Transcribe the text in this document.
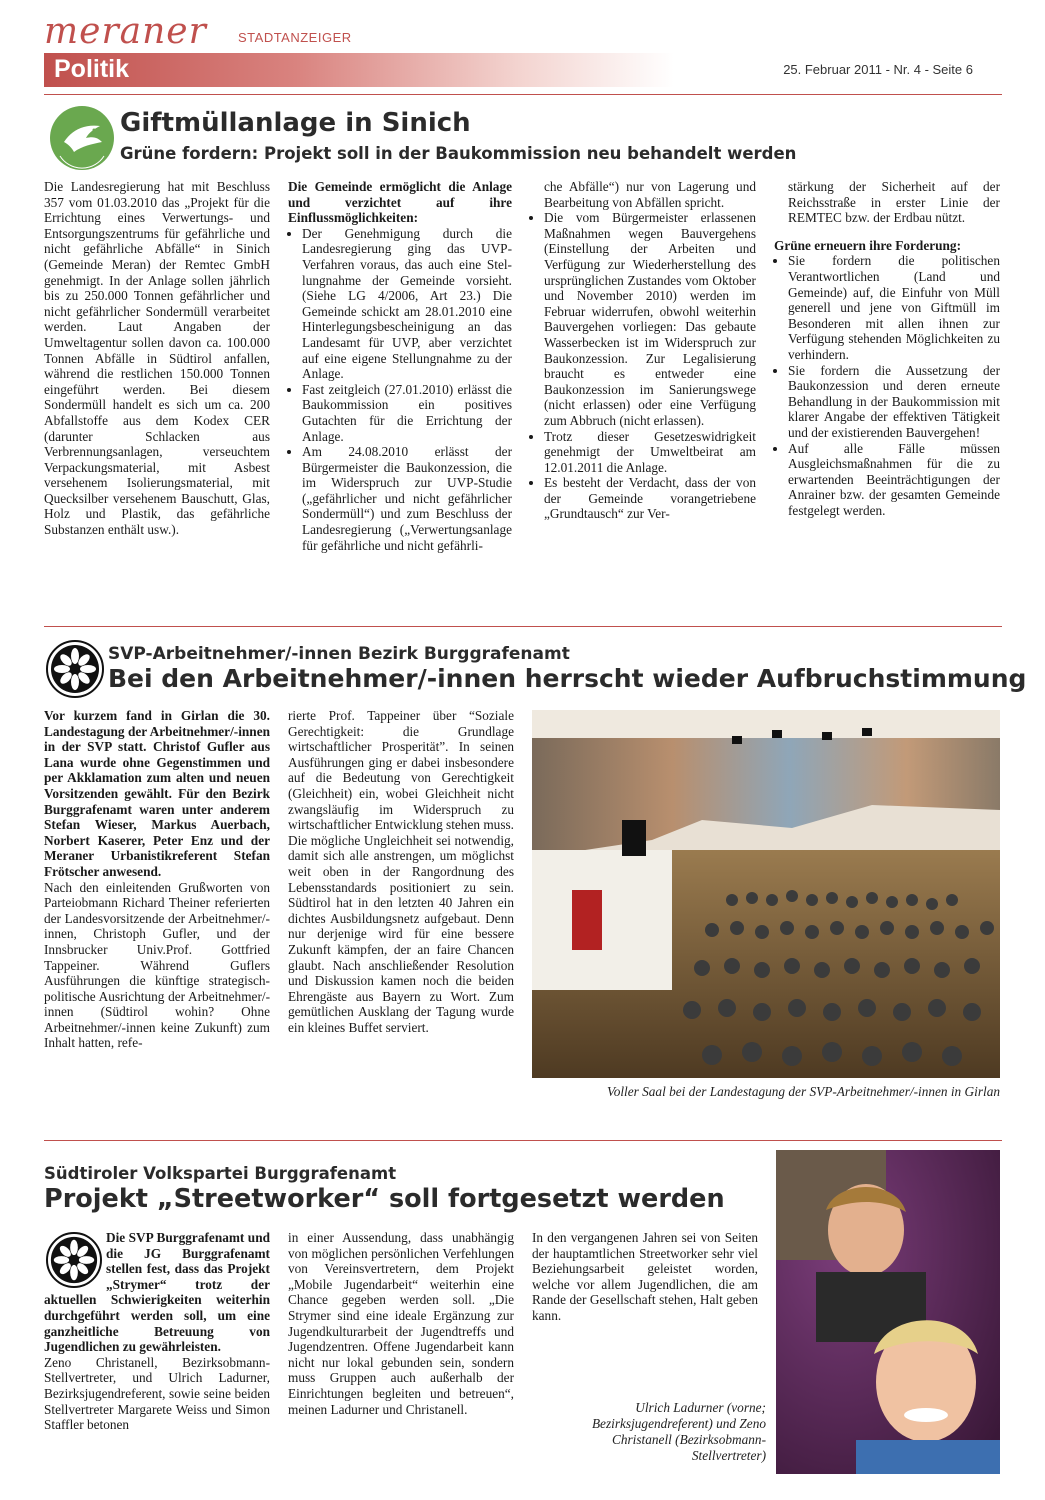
meraner STADTANZEIGER
Politik	25. Februar 2011 - Nr. 4 - Seite 6
Giftmüllanlage in Sinich
Grüne fordern: Projekt soll in der Baukommission neu behandelt werden

Die Landesregierung hat mit Beschluss 357 vom 01.03.2010 das „Projekt für die Errichtung eines Verwertungs- und Entsorgungszentrums für gefährliche und nicht gefährliche Abfälle“ in Sinich (Gemeinde Meran) der Remtec GmbH genehmigt. In der Anlage sollen jährlich bis zu 250.000 Tonnen gefährlicher und nicht gefährlicher Sondermüll verarbeitet werden. Laut Angaben der Umweltagentur sollen davon ca. 100.000 Tonnen Abfälle in Südtirol anfallen, während die restlichen 150.000 Tonnen eingeführt werden. Bei diesem Sondermüll handelt es sich um ca. 200 Abfallstoffe aus dem Kodex CER (darunter Schlacken aus Verbrennungsanlagen, verseuchtem Verpackungsmaterial, mit Asbest versehenem Isolierungsmaterial, mit Quecksilber versehenem Bauschutt, Glas, Holz und Plastik, das gefährliche Substanzen enthält usw.).

Die Gemeinde ermöglicht die Anlage und verzichtet auf ihre Einflussmöglichkeiten:

• Der Genehmigung durch die Landesregierung ging das UVP-Verfahren voraus, das auch eine Stel-lungnahme der Gemeinde vorsieht. (Siehe LG 4/2006, Art 23.) Die Gemeinde schickt am 28.01.2010 eine Hinterlegungsbescheinigung an das Landesamt für UVP, aber verzichtet auf eine eigene Stellungnahme zu der Anlage.
• Fast zeitgleich (27.01.2010) erlässt die Baukommission ein positives Gutachten für die Errichtung der Anlage.
• Am 24.08.2010 erlässt der Bürgermeister die Baukonzession, die im Widerspruch zur UVP-Studie („gefährlicher und nicht gefährlicher Sondermüll“) und zum Beschluss der Landesregierung („Verwertungsanlage für gefährliche und nicht gefährli-

che Abfälle“) nur von Lagerung und Bearbeitung von Abfällen spricht.

• Die vom Bürgermeister erlassenen Maßnahmen wegen Bauvergehens (Einstellung der Arbeiten und Verfügung zur Wiederherstellung des ursprünglichen Zustandes vom Oktober und November 2010) werden im Februar widerrufen, obwohl weiterhin Bauvergehen vorliegen: Das gebaute Wasserbecken ist im Widerspruch zur Baukonzession. Zur Legalisierung braucht es entweder eine Baukonzession im Sanierungswege (nicht erlassen) oder eine Verfügung zum Abbruch (nicht erlassen).
• Trotz dieser Gesetzeswidrigkeit genehmigt der Umweltbeirat am 12.01.2011 die Anlage.
• Es besteht der Verdacht, dass der von der Gemeinde vorangetriebene „Grundtausch“ zur Ver-

stärkung der Sicherheit auf der Reichsstraße in erster Linie der REMTEC bzw. der Erdbau nützt.

Grüne erneuern ihre Forderung:

• Sie fordern die politischen Verantwortlichen (Land und Gemeinde) auf, die Einfuhr von Müll generell und jene von Giftmüll im Besonderen mit allen ihnen zur Verfügung stehenden Möglichkeiten zu verhindern.
• Sie fordern die Aussetzung der Baukonzession und deren erneute Behandlung in der Baukommission mit klarer Angabe der effektiven Tätigkeit und der existierenden Bauvergehen!
• Auf alle Fälle müssen Ausgleichsmaßnahmen für die zu erwartenden Beeinträchtigungen der Anrainer bzw. der gesamten Gemeinde festgelegt werden.
SVP-Arbeitnehmer/-innen Bezirk Burggrafenamt
Bei den Arbeitnehmer/-innen herrscht wieder Aufbruchstimmung

Vor kurzem fand in Girlan die 30. Landestagung der Arbeitnehmer/-innen in der SVP statt. Christof Gufler aus Lana wurde ohne Gegenstimmen und per Akklamation zum alten und neuen Vorsitzenden gewählt. Für den Bezirk Burggrafenamt waren unter anderem Stefan Wieser, Markus Auerbach, Norbert Kaserer, Peter Enz und der Meraner Urbanistikreferent Stefan Frötscher anwesend.

Nach den einleitenden Grußworten von Parteiobmann Richard Theiner referierten der Landesvorsitzende der Arbeitnehmer/-innen, Christoph Gufler, und der Innsbrucker Univ.Prof. Gottfried Tappeiner. Während Guflers Ausführungen die künftige strategisch-politische Ausrichtung der Arbeitnehmer/-innen (Südtirol wohin? Ohne Arbeitnehmer/-innen keine Zukunft) zum Inhalt hatten, refe-

rierte Prof. Tappeiner über “Soziale Gerechtigkeit: die Grundlage wirtschaftlicher Prosperität”. In seinen Ausführungen ging er dabei insbesondere auf die Bedeutung von Gerechtigkeit (Gleichheit) ein, wobei Gleichheit nicht zwangsläufig im Widerspruch zu wirtschaftlicher Entwicklung stehen muss. Die mögliche Ungleichheit sei notwendig, damit sich alle anstrengen, um möglichst weit oben in der Rangordnung des Lebensstandards positioniert zu sein. Südtirol hat in den letzten 40 Jahren ein dichtes Ausbildungsnetz aufgebaut. Denn nur derjenige wird für eine bessere Zukunft kämpfen, der an faire Chancen glaubt. Nach anschließender Resolution und Diskussion kamen noch die beiden Ehrengäste aus Bayern zu Wort. Zum gemütlichen Ausklang der Tagung wurde ein kleines Buffet serviert.

Voller Saal bei der Landestagung der SVP-Arbeitnehmer/-innen in Girlan
Südtiroler Volkspartei Burggrafenamt
Projekt „Streetworker“ soll fortgesetzt werden

Die SVP Burggrafenamt und die JG Burggrafenamt stellen fest, dass das Projekt „Strymer“ trotz der aktuellen Schwierigkeiten weiterhin durchgeführt werden soll, um eine ganzheitliche Betreuung von Jugendlichen zu gewährleisten.

Zeno Christanell, Bezirksobmann-Stellvertreter, und Ulrich Ladurner, Bezirksjugendreferent, sowie seine beiden Stellvertreter Margarete Weiss und Simon Staffler betonen

in einer Aussendung, dass unabhängig von möglichen persönlichen Verfehlungen von Vereinsvertretern, dem Projekt „Mobile Jugendarbeit“ weiterhin eine Chance gegeben werden soll. „Die Strymer sind eine ideale Ergänzung zur Jugendkulturarbeit der Jugendtreffs und Jugendzentren. Offene Jugendarbeit kann nicht nur lokal gebunden sein, sondern muss Gruppen auch außerhalb der Einrichtungen begleiten und betreuen“, meinen Ladurner und Christanell.

In den vergangenen Jahren sei von Seiten der hauptamtlichen Streetworker sehr viel Beziehungsarbeit geleistet worden, welche vor allem Jugendlichen, die am Rande der Gesellschaft stehen, Halt geben kann.

Ulrich Ladurner (vorne; Bezirksjugendreferent) und Zeno Christanell (Bezirksobmann-Stellvertreter)
